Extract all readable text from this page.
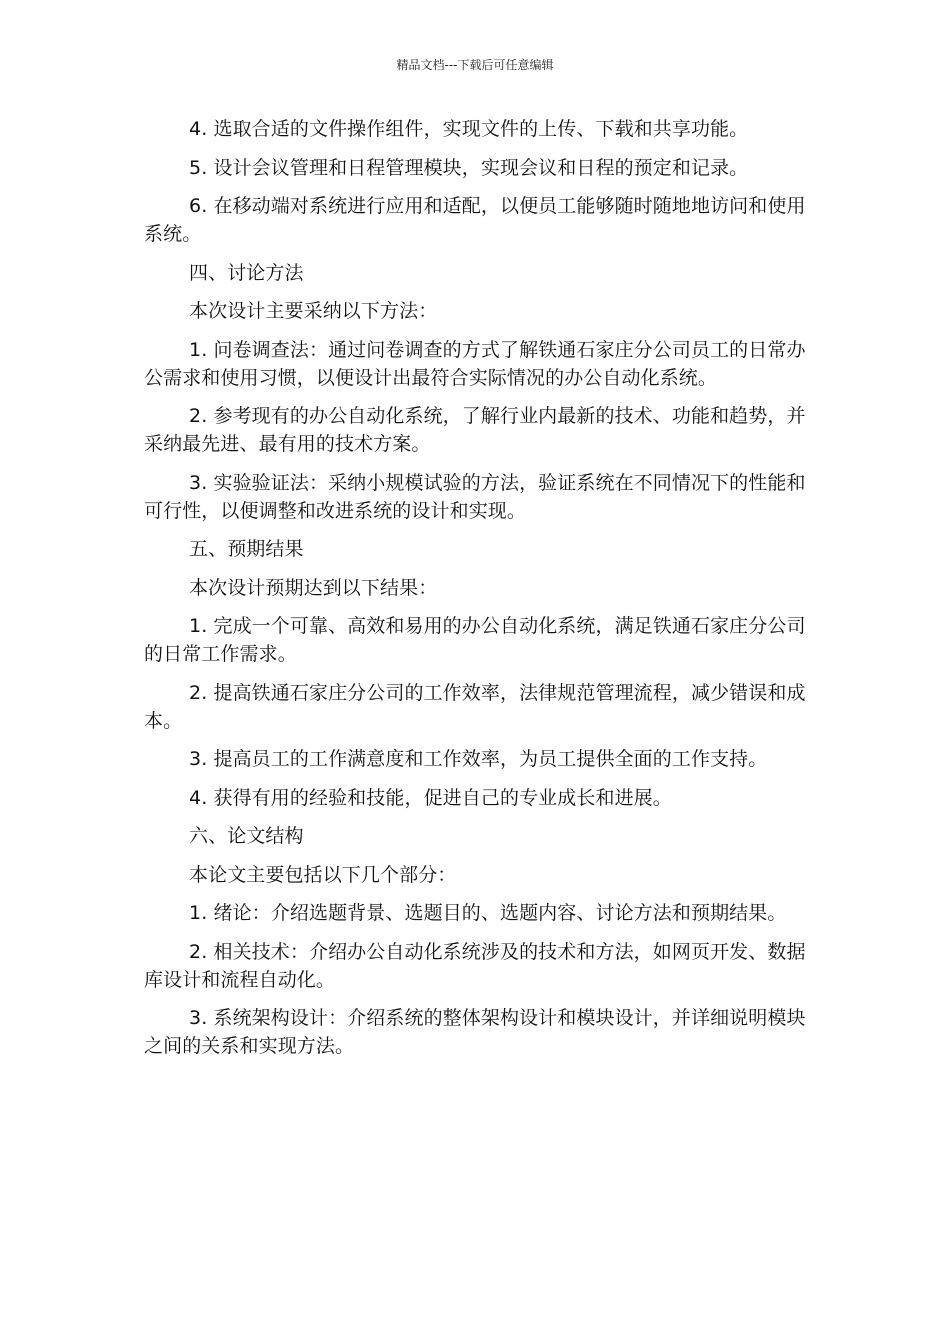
精品文档---下载后可任意编辑

4. 选取合适的文件操作组件，实现文件的上传、下载和共享功能。

5. 设计会议管理和日程管理模块，实现会议和日程的预定和记录。

6. 在移动端对系统进行应用和适配，以便员工能够随时随地地访问和使用系统。

四、讨论方法

本次设计主要采纳以下方法：

1. 问卷调查法：通过问卷调查的方式了解铁通石家庄分公司员工的日常办公需求和使用习惯，以便设计出最符合实际情况的办公自动化系统。

2. 参考现有的办公自动化系统，了解行业内最新的技术、功能和趋势，并采纳最先进、最有用的技术方案。

3. 实验验证法：采纳小规模试验的方法，验证系统在不同情况下的性能和可行性，以便调整和改进系统的设计和实现。

五、预期结果

本次设计预期达到以下结果：

1. 完成一个可靠、高效和易用的办公自动化系统，满足铁通石家庄分公司的日常工作需求。

2. 提高铁通石家庄分公司的工作效率，法律规范管理流程，减少错误和成本。

3. 提高员工的工作满意度和工作效率，为员工提供全面的工作支持。

4. 获得有用的经验和技能，促进自己的专业成长和进展。

六、论文结构

本论文主要包括以下几个部分：

1. 绪论：介绍选题背景、选题目的、选题内容、讨论方法和预期结果。

2. 相关技术：介绍办公自动化系统涉及的技术和方法，如网页开发、数据库设计和流程自动化。

3. 系统架构设计：介绍系统的整体架构设计和模块设计，并详细说明模块之间的关系和实现方法。
